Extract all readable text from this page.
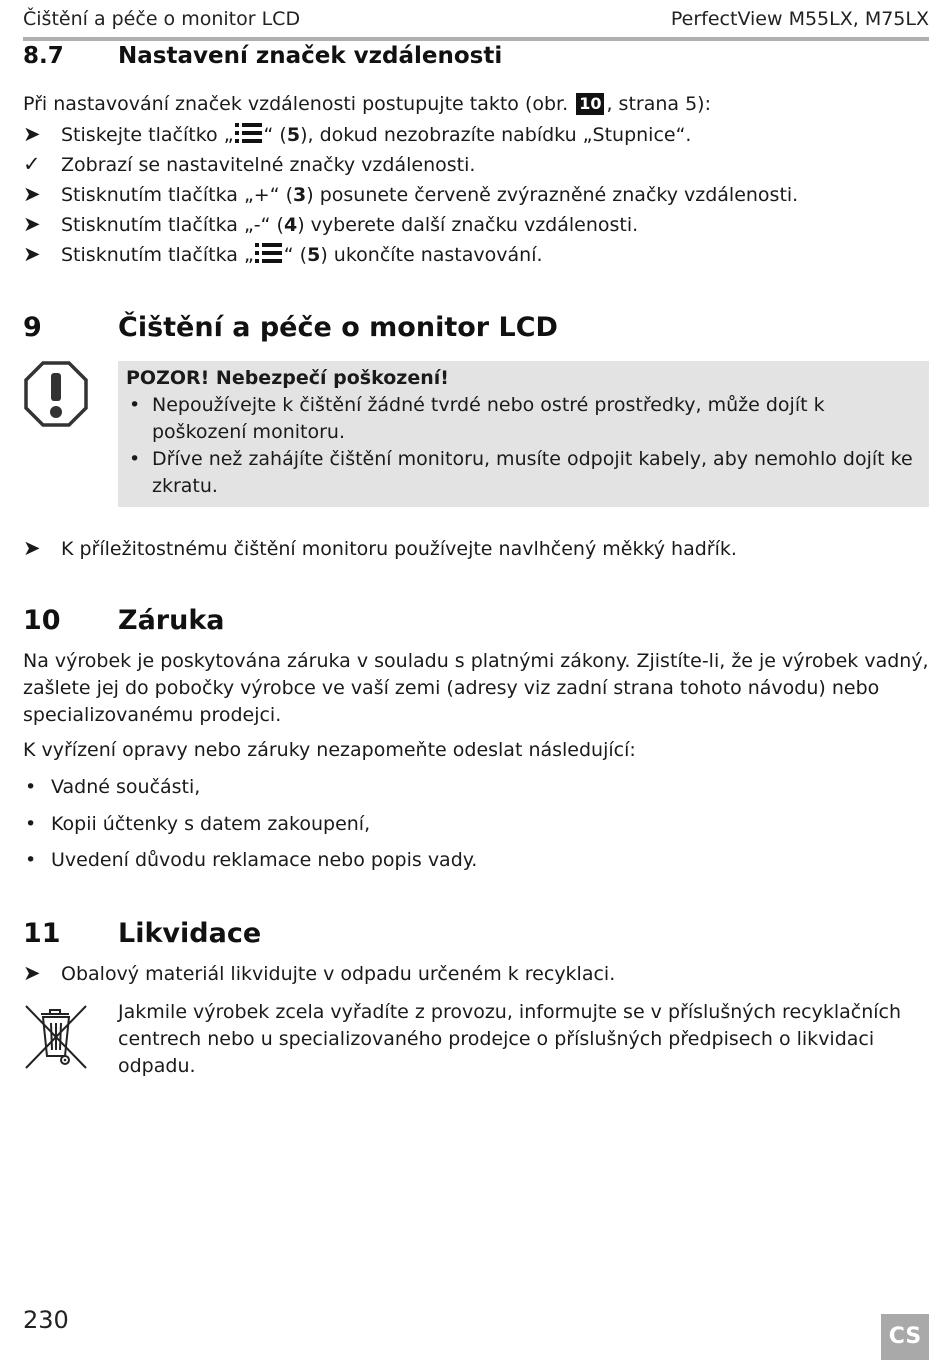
Čištění a péče o monitor LCD	PerfectView M55LX, M75LX
8.7 Nastavení značek vzdálenosti
Při nastavování značek vzdálenosti postupujte takto (obr. 10 , strana 5):
➤ Stiskejte tlačítko „ “ (5), dokud nezobrazíte nabídku „Stupnice“.
✓ Zobrazí se nastavitelné značky vzdálenosti.
➤ Stisknutím tlačítka „+“ (3) posunete červeně zvýrazněné značky vzdálenosti.
➤ Stisknutím tlačítka „-“ (4) vyberete další značku vzdálenosti.
➤ Stisknutím tlačítka „ “ (5) ukončíte nastavování.
9	Čištění a péče o monitor LCD
POZOR! Nebezpečí poškození!
• Nepoužívejte k čištění žádné tvrdé nebo ostré prostředky, může dojít k poškození monitoru.
• Dříve než zahájíte čištění monitoru, musíte odpojit kabely, aby nemohlo dojít ke zkratu.
➤ K příležitostnému čištění monitoru používejte navlhčený měkký hadřík.
10 Záruka

Na výrobek je poskytována záruka v souladu s platnými zákony. Zjistíte-li, že je výrobek vadný, zašlete jej do pobočky výrobce ve vaší zemi (adresy viz zadní strana tohoto návodu) nebo specializovanému prodejci.

K vyřízení opravy nebo záruky nezapomeňte odeslat následující:

• Vadné součásti,
• Kopii účtenky s datem zakoupení,
• Uvedení důvodu reklamace nebo popis vady.
11 Likvidace
➤ Obalový materiál likvidujte v odpadu určeném k recyklaci.

Jakmile výrobek zcela vyřadíte z provozu, informujte se v příslušných recyklačních centrech nebo u specializovaného prodejce o příslušných předpisech o likvidaci odpadu.

230
CS
